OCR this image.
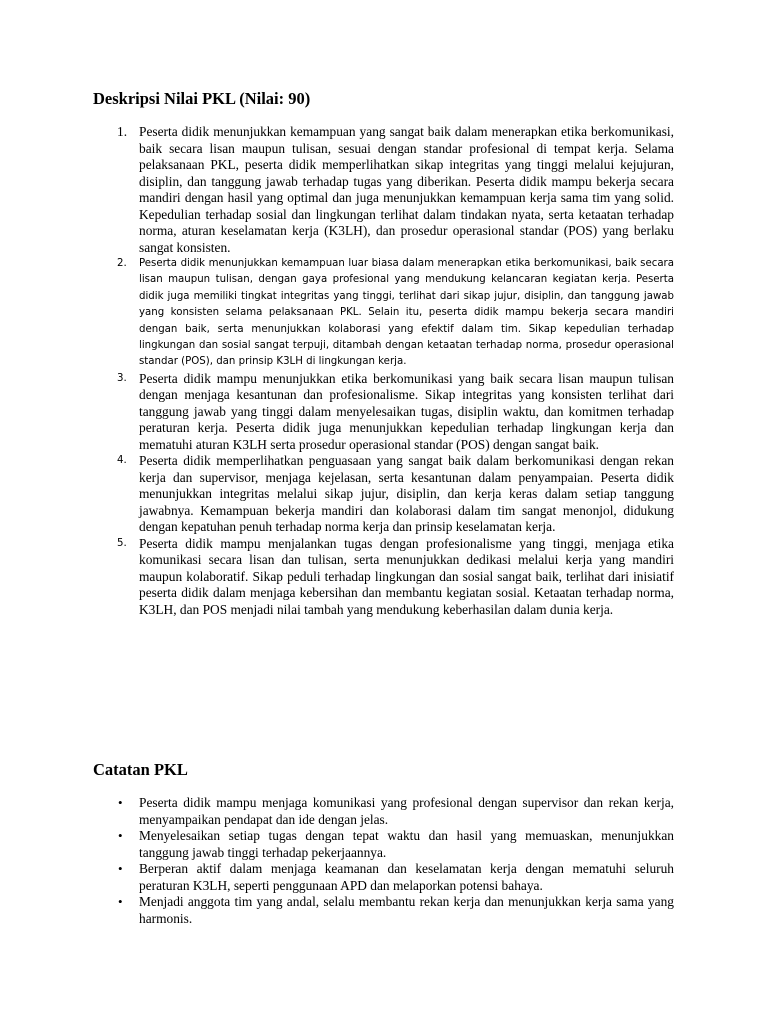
Deskripsi Nilai PKL (Nilai: 90)
1. Peserta didik menunjukkan kemampuan yang sangat baik dalam menerapkan etika berkomunikasi, baik secara lisan maupun tulisan, sesuai dengan standar profesional di tempat kerja. Selama pelaksanaan PKL, peserta didik memperlihatkan sikap integritas yang tinggi melalui kejujuran, disiplin, dan tanggung jawab terhadap tugas yang diberikan. Peserta didik mampu bekerja secara mandiri dengan hasil yang optimal dan juga menunjukkan kemampuan kerja sama tim yang solid. Kepedulian terhadap sosial dan lingkungan terlihat dalam tindakan nyata, serta ketaatan terhadap norma, aturan keselamatan kerja (K3LH), dan prosedur operasional standar (POS) yang berlaku sangat konsisten.
2.	Peserta didik menunjukkan kemampuan luar biasa dalam menerapkan etika berkomunikasi, baik secara lisan maupun tulisan, dengan gaya profesional yang mendukung kelancaran kegiatan kerja. Peserta didik juga memiliki tingkat integritas yang tinggi, terlihat dari sikap jujur, disiplin, dan tanggung jawab yang konsisten selama pelaksanaan PKL. Selain itu, peserta didik mampu bekerja secara mandiri dengan baik, serta menunjukkan kolaborasi yang efektif dalam tim. Sikap kepedulian terhadap lingkungan dan sosial sangat terpuji, ditambah dengan ketaatan terhadap norma, prosedur operasional standar (POS), dan prinsip K3LH di lingkungan kerja.
3. Peserta didik mampu menunjukkan etika berkomunikasi yang baik secara lisan maupun tulisan dengan menjaga kesantunan dan profesionalisme. Sikap integritas yang konsisten terlihat dari tanggung jawab yang tinggi dalam menyelesaikan tugas, disiplin waktu, dan komitmen terhadap peraturan kerja. Peserta didik juga menunjukkan kepedulian terhadap lingkungan kerja dan mematuhi aturan K3LH serta prosedur operasional standar (POS) dengan sangat baik.
4. Peserta didik memperlihatkan penguasaan yang sangat baik dalam berkomunikasi dengan rekan kerja dan supervisor, menjaga kejelasan, serta kesantunan dalam penyampaian. Peserta didik menunjukkan integritas melalui sikap jujur, disiplin, dan kerja keras dalam setiap tanggung jawabnya. Kemampuan bekerja mandiri dan kolaborasi dalam tim sangat menonjol, didukung dengan kepatuhan penuh terhadap norma kerja dan prinsip keselamatan kerja.
5. Peserta didik mampu menjalankan tugas dengan profesionalisme yang tinggi, menjaga etika komunikasi secara lisan dan tulisan, serta menunjukkan dedikasi melalui kerja yang mandiri maupun kolaboratif. Sikap peduli terhadap lingkungan dan sosial sangat baik, terlihat dari inisiatif peserta didik dalam menjaga kebersihan dan membantu kegiatan sosial. Ketaatan terhadap norma, K3LH, dan POS menjadi nilai tambah yang mendukung keberhasilan dalam dunia kerja.
Catatan PKL
•	Peserta didik mampu menjaga komunikasi yang profesional dengan supervisor dan rekan kerja, menyampaikan pendapat dan ide dengan jelas.
•	Menyelesaikan setiap tugas dengan tepat waktu dan hasil yang memuaskan, menunjukkan tanggung jawab tinggi terhadap pekerjaannya.
•	Berperan aktif dalam menjaga keamanan dan keselamatan kerja dengan mematuhi seluruh peraturan K3LH, seperti penggunaan APD dan melaporkan potensi bahaya.
•	Menjadi anggota tim yang andal, selalu membantu rekan kerja dan menunjukkan kerja sama yang harmonis.
